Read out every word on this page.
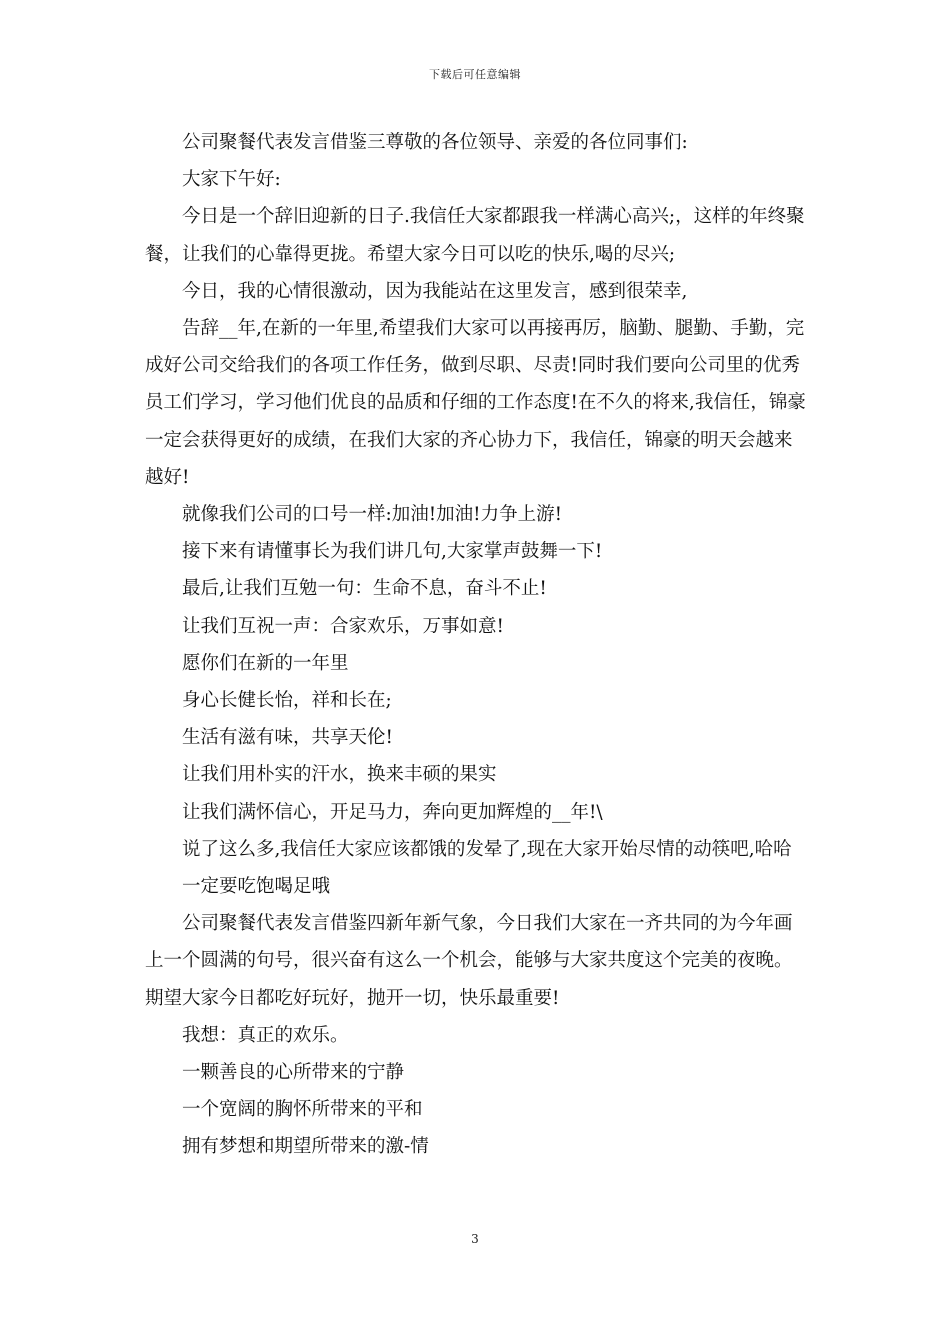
下载后可任意编辑

公司聚餐代表发言借鉴三尊敬的各位领导、亲爱的各位同事们:

大家下午好:

今日是一个辞旧迎新的日子.我信任大家都跟我一样满心高兴;，这样的年终聚餐，让我们的心靠得更拢。希望大家今日可以吃的快乐,喝的尽兴;

今日，我的心情很激动，因为我能站在这里发言，感到很荣幸,

告辞__年,在新的一年里,希望我们大家可以再接再厉，脑勤、腿勤、手勤，完成好公司交给我们的各项工作任务，做到尽职、尽责!同时我们要向公司里的优秀员工们学习，学习他们优良的品质和仔细的工作态度!在不久的将来,我信任，锦豪一定会获得更好的成绩，在我们大家的齐心协力下，我信任，锦豪的明天会越来越好!

就像我们公司的口号一样:加油!加油!力争上游!

接下来有请懂事长为我们讲几句,大家掌声鼓舞一下!

最后,让我们互勉一句：生命不息，奋斗不止!

让我们互祝一声：合家欢乐，万事如意!

愿你们在新的一年里

身心长健长怡，祥和长在;

生活有滋有味，共享天伦!

让我们用朴实的汗水，换来丰硕的果实

让我们满怀信心，开足马力，奔向更加辉煌的__年!\

说了这么多,我信任大家应该都饿的发晕了,现在大家开始尽情的动筷吧,哈哈

一定要吃饱喝足哦

公司聚餐代表发言借鉴四新年新气象，今日我们大家在一齐共同的为今年画上一个圆满的句号，很兴奋有这么一个机会，能够与大家共度这个完美的夜晚。期望大家今日都吃好玩好，抛开一切，快乐最重要!

我想：真正的欢乐。

一颗善良的心所带来的宁静

一个宽阔的胸怀所带来的平和

拥有梦想和期望所带来的激-情

3
